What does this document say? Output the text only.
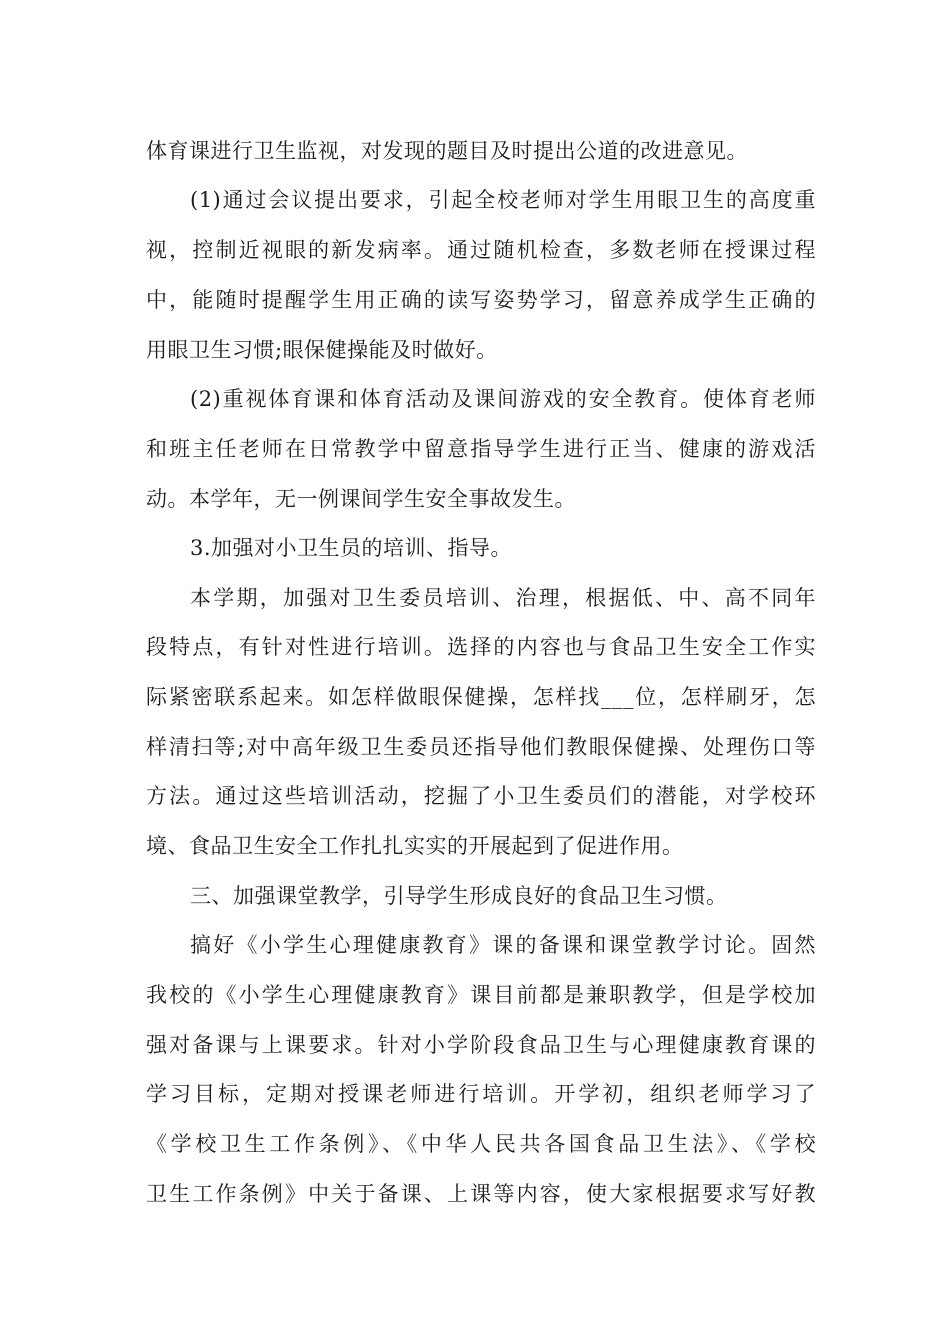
体育课进行卫生监视，对发现的题目及时提出公道的改进意见。
(1)通过会议提出要求，引起全校老师对学生用眼卫生的高度重
视，控制近视眼的新发病率。通过随机检查，多数老师在授课过程
中，能随时提醒学生用正确的读写姿势学习，留意养成学生正确的
用眼卫生习惯;眼保健操能及时做好。
(2)重视体育课和体育活动及课间游戏的安全教育。使体育老师
和班主任老师在日常教学中留意指导学生进行正当、健康的游戏活
动。本学年，无一例课间学生安全事故发生。
3.加强对小卫生员的培训、指导。
本学期，加强对卫生委员培训、治理，根据低、中、高不同年
段特点，有针对性进行培训。选择的内容也与食品卫生安全工作实
际紧密联系起来。如怎样做眼保健操，怎样找___位，怎样刷牙，怎
样清扫等;对中高年级卫生委员还指导他们教眼保健操、处理伤口等
方法。通过这些培训活动，挖掘了小卫生委员们的潜能，对学校环
境、食品卫生安全工作扎扎实实的开展起到了促进作用。
三、加强课堂教学，引导学生形成良好的食品卫生习惯。
搞好《小学生心理健康教育》课的备课和课堂教学讨论。固然
我校的《小学生心理健康教育》课目前都是兼职教学，但是学校加
强对备课与上课要求。针对小学阶段食品卫生与心理健康教育课的
学习目标，定期对授课老师进行培训。开学初，组织老师学习了
《学校卫生工作条例》、《中华人民共各国食品卫生法》、《学校
卫生工作条例》中关于备课、上课等内容，使大家根据要求写好教
